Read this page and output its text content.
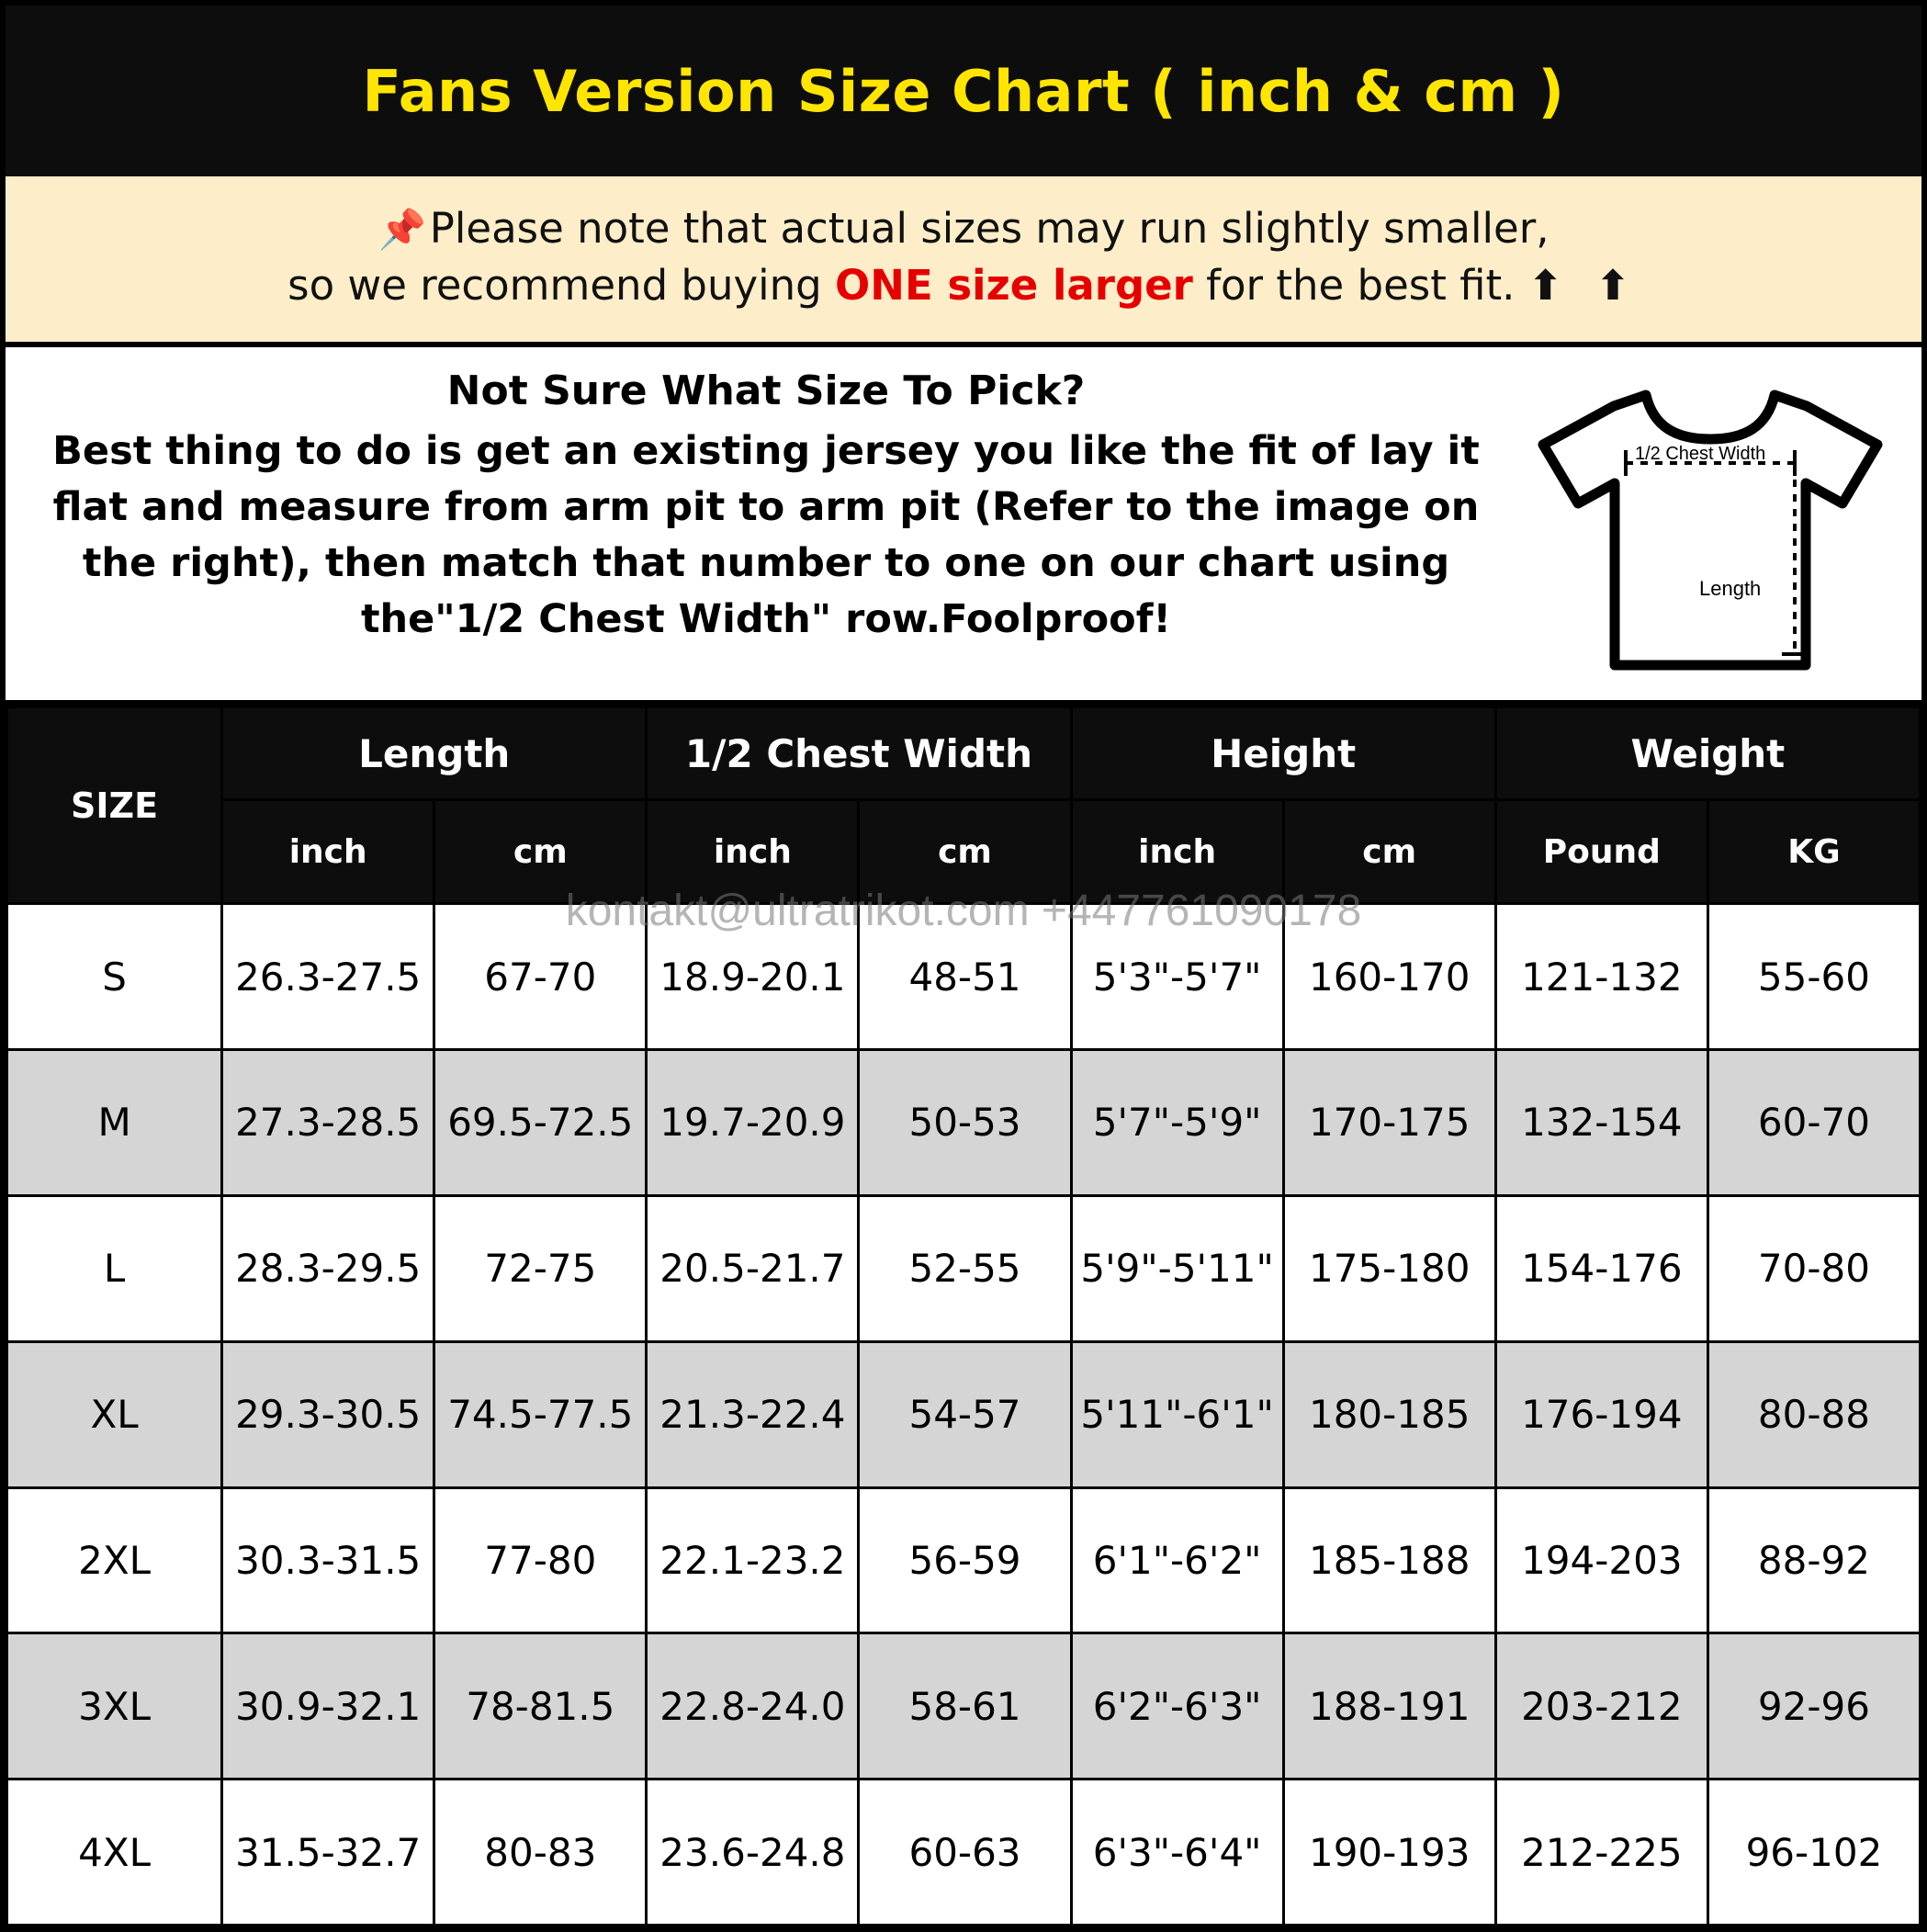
Fans Version Size Chart ( inch & cm )
📌Please note that actual sizes may run slightly smaller,
so we recommend buying ONE size larger for the best fit. ⬆ ⬆
Not Sure What Size To Pick?
Best thing to do is get an existing jersey you like the fit of lay it flat and measure from arm pit to arm pit (Refer to the image on the right), then match that number to one on our chart using the"1/2 Chest Width" row.Foolproof!
1/2 Chest Width
Length
kontakt@ultratrikot.com +447761090178
SIZE	Length		1/2 Chest Width		Height		Weight	
	inch	cm	inch	cm	inch	cm	Pound	KG
S	26.3-27.5	67-70	18.9-20.1	48-51	5'3"-5'7"	160-170	121-132	55-60
M	27.3-28.5	69.5-72.5	19.7-20.9	50-53	5'7"-5'9"	170-175	132-154	60-70
L	28.3-29.5	72-75	20.5-21.7	52-55	5'9"-5'11"	175-180	154-176	70-80
XL	29.3-30.5	74.5-77.5	21.3-22.4	54-57	5'11"-6'1"	180-185	176-194	80-88
2XL	30.3-31.5	77-80	22.1-23.2	56-59	6'1"-6'2"	185-188	194-203	88-92
3XL	30.9-32.1	78-81.5	22.8-24.0	58-61	6'2"-6'3"	188-191	203-212	92-96
4XL	31.5-32.7	80-83	23.6-24.8	60-63	6'3"-6'4"	190-193	212-225	96-102
